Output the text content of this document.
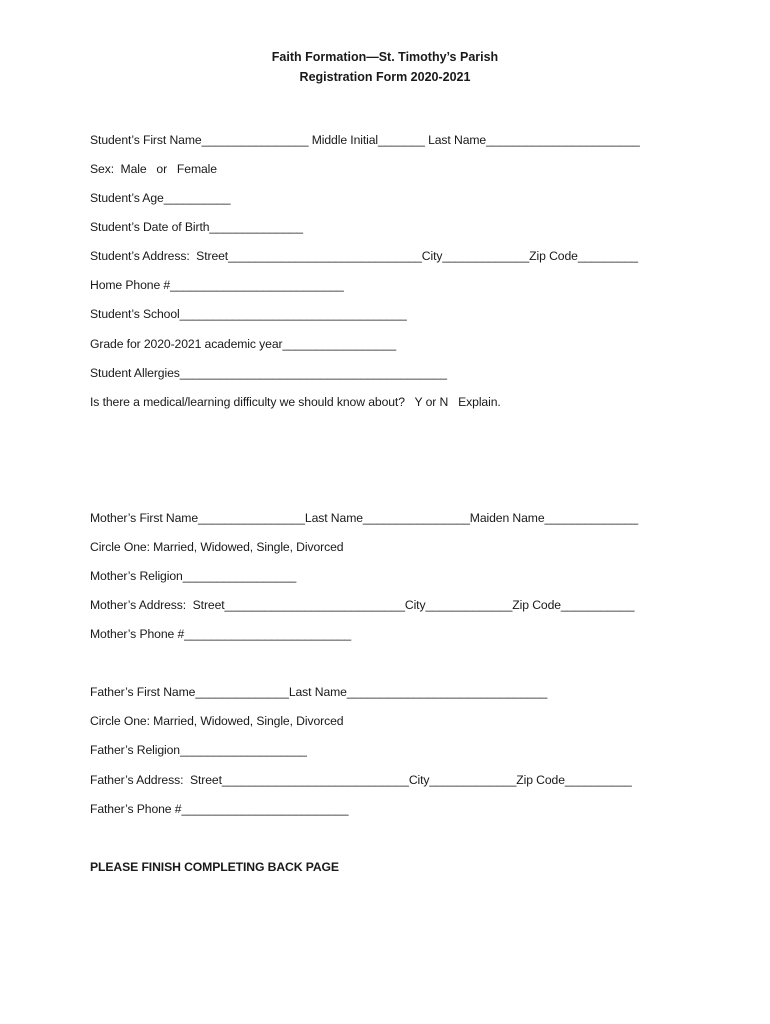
Faith Formation—St. Timothy’s Parish
Registration Form 2020-2021
Student’s First Name________________ Middle Initial_______ Last Name_______________________
Sex:  Male   or   Female
Student’s Age__________
Student’s Date of Birth______________
Student’s Address:  Street_____________________________City_____________Zip Code_________
Home Phone #__________________________
Student’s School__________________________________
Grade for 2020-2021 academic year_________________
Student Allergies________________________________________
Is there a medical/learning difficulty we should know about?   Y or N   Explain.
Mother’s First Name________________Last Name________________Maiden Name______________
Circle One: Married, Widowed, Single, Divorced
Mother’s Religion_________________
Mother’s Address:  Street___________________________City_____________Zip Code___________
Mother’s Phone #_________________________
Father’s First Name______________Last Name______________________________
Circle One: Married, Widowed, Single, Divorced
Father’s Religion___________________
Father’s Address:  Street____________________________City_____________Zip Code__________
Father’s Phone #_________________________
PLEASE FINISH COMPLETING BACK PAGE
